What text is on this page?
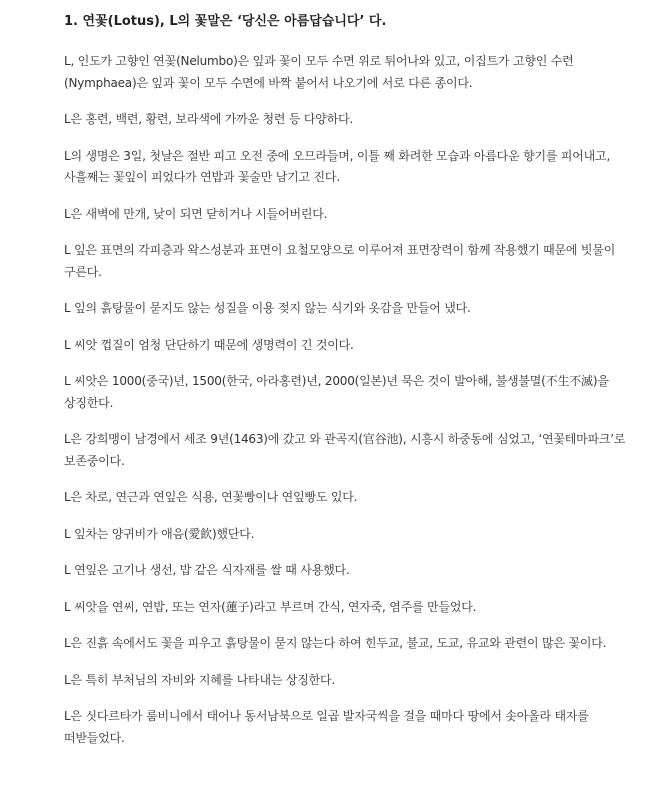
1. 연꽃(Lotus), L의 꽃말은 ‘당신은 아름답습니다’ 다.

L, 인도가 고향인 연꽃(Nelumbo)은 잎과 꽃이 모두 수면 위로 튀어나와 있고, 이집트가 고향인 수련(Nymphaea)은 잎과 꽃이 모두 수면에 바짝 붙어서 나오기에 서로 다른 종이다.

L은 홍련, 백련, 황련, 보라색에 가까운 청련 등 다양하다.

L의 생명은 3일, 첫날은 절반 피고 오전 중에 오므라들며, 이틀 째 화려한 모습과 아름다운 향기를 피어내고, 사흘째는 꽃잎이 피었다가 연밥과 꽃술만 남기고 진다.

L은 새벽에 만개, 낮이 되면 닫히거나 시들어버린다.

L 잎은 표면의 각피층과 왁스성분과 표면이 요철모양으로 이루어져 표면장력이 함께 작용했기 때문에 빗물이 구른다.

L 잎의 흙탕물이 묻지도 않는 성질을 이용 젖지 않는 식기와 옷감을 만들어 냈다.

L 씨앗 껍질이 엄청 단단하기 때문에 생명력이 긴 것이다.

L 씨앗은 1000(중국)년, 1500(한국, 아라홍련)년, 2000(일본)년 묵은 것이 발아해, 불생불멸(不生不滅)을 상징한다.

L은 강희맹이 남경에서 세조 9년(1463)에 갔고 와 관곡지(官谷池), 시흥시 하중동에 심었고, ‘연꽃테마파크’로 보존중이다.

L은 차로, 연근과 연잎은 식용, 연꽃빵이나 연잎빵도 있다.

L 잎차는 양귀비가 애음(愛飮)했단다.

L 연잎은 고기나 생선, 밥 같은 식자재를 쌀 때 사용했다.

L 씨앗을 연씨, 연밥, 또는 연자(蓮子)라고 부르며 간식, 연자죽, 염주를 만들었다.

L은 진흙 속에서도 꽃을 피우고 흙탕물이 묻지 않는다 하여 힌두교, 불교, 도교, 유교와 관련이 많은 꽃이다.

L은 특히 부처님의 자비와 지혜를 나타내는 상징한다.

L은 싯다르타가 룸비니에서 태어나 동서남북으로 일곱 발자국씩을 걸을 때마다 땅에서 솟아올라 태자를 떠받들었다.
